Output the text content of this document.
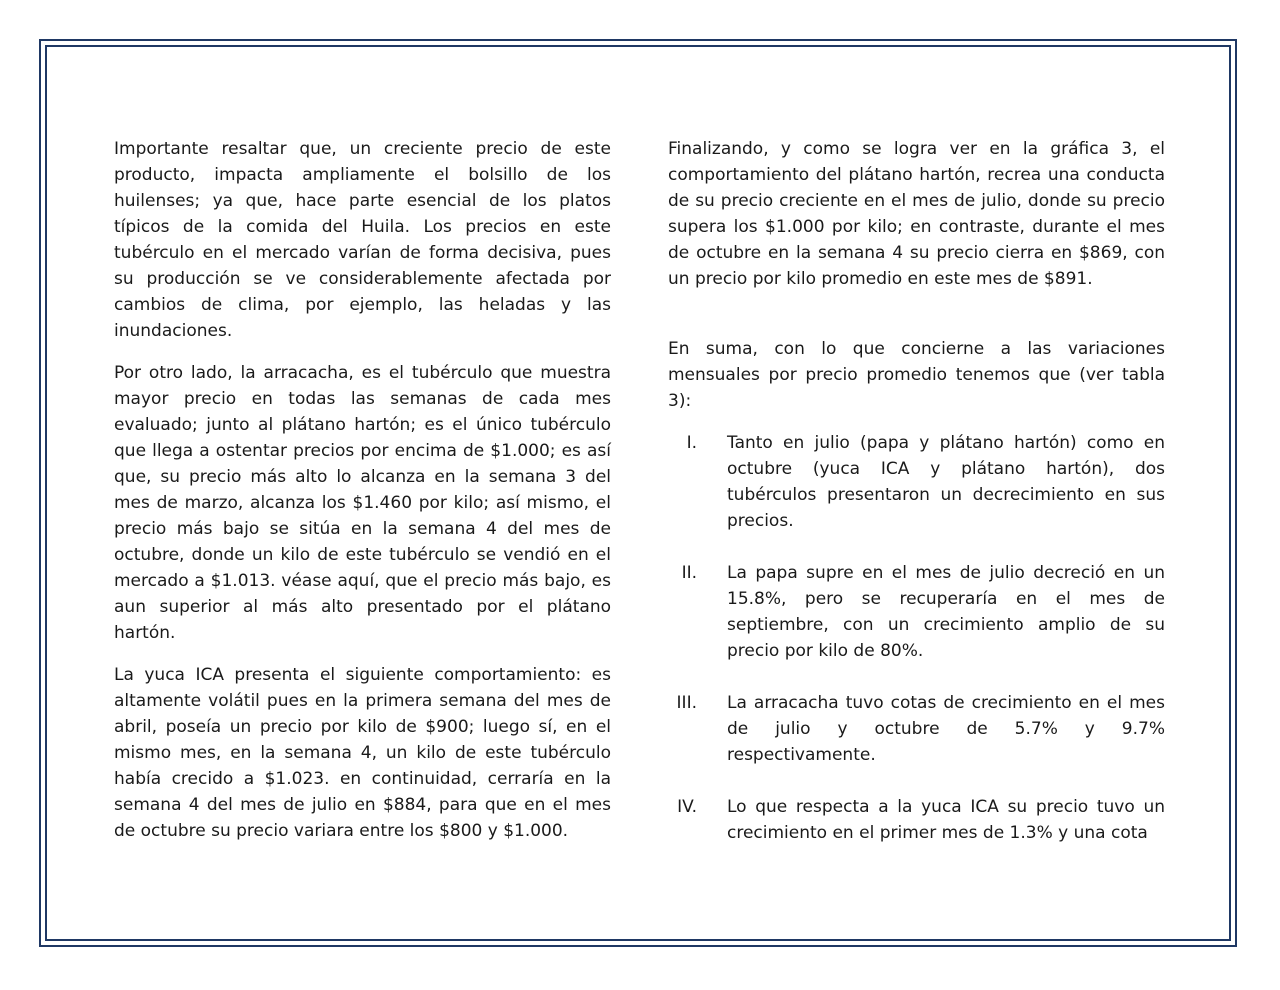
Importante resaltar que, un creciente precio de este producto, impacta ampliamente el bolsillo de los huilenses; ya que, hace parte esencial de los platos típicos de la comida del Huila. Los precios en este tubérculo en el mercado varían de forma decisiva, pues su producción se ve considerablemente afectada por cambios de clima, por ejemplo, las heladas y las inundaciones.

Por otro lado, la arracacha, es el tubérculo que muestra mayor precio en todas las semanas de cada mes evaluado; junto al plátano hartón; es el único tubérculo que llega a ostentar precios por encima de $1.000; es así que, su precio más alto lo alcanza en la semana 3 del mes de marzo, alcanza los $1.460 por kilo; así mismo, el precio más bajo se sitúa en la semana 4 del mes de octubre, donde un kilo de este tubérculo se vendió en el mercado a $1.013. véase aquí, que el precio más bajo, es aun superior al más alto presentado por el plátano hartón.

La yuca ICA presenta el siguiente comportamiento: es altamente volátil pues en la primera semana del mes de abril, poseía un precio por kilo de $900; luego sí, en el mismo mes, en la semana 4, un kilo de este tubérculo había crecido a $1.023. en continuidad, cerraría en la semana 4 del mes de julio en $884, para que en el mes de octubre su precio variara entre los $800 y $1.000.

Finalizando, y como se logra ver en la gráfica 3, el comportamiento del plátano hartón, recrea una conducta de su precio creciente en el mes de julio, donde su precio supera los $1.000 por kilo; en contraste, durante el mes de octubre en la semana 4 su precio cierra en $869, con un precio por kilo promedio en este mes de $891.

En suma, con lo que concierne a las variaciones mensuales por precio promedio tenemos que (ver tabla 3):

I.	Tanto en julio (papa y plátano hartón) como en octubre (yuca ICA y plátano hartón), dos tubérculos presentaron un decrecimiento en sus precios.
II.	La papa supre en el mes de julio decreció en un 15.8%, pero se recuperaría en el mes de septiembre, con un crecimiento amplio de su precio por kilo de 80%.
III.	La arracacha tuvo cotas de crecimiento en el mes de julio y octubre de 5.7% y 9.7% respectivamente.
IV.	Lo que respecta a la yuca ICA su precio tuvo un crecimiento en el primer mes de 1.3% y una cota
